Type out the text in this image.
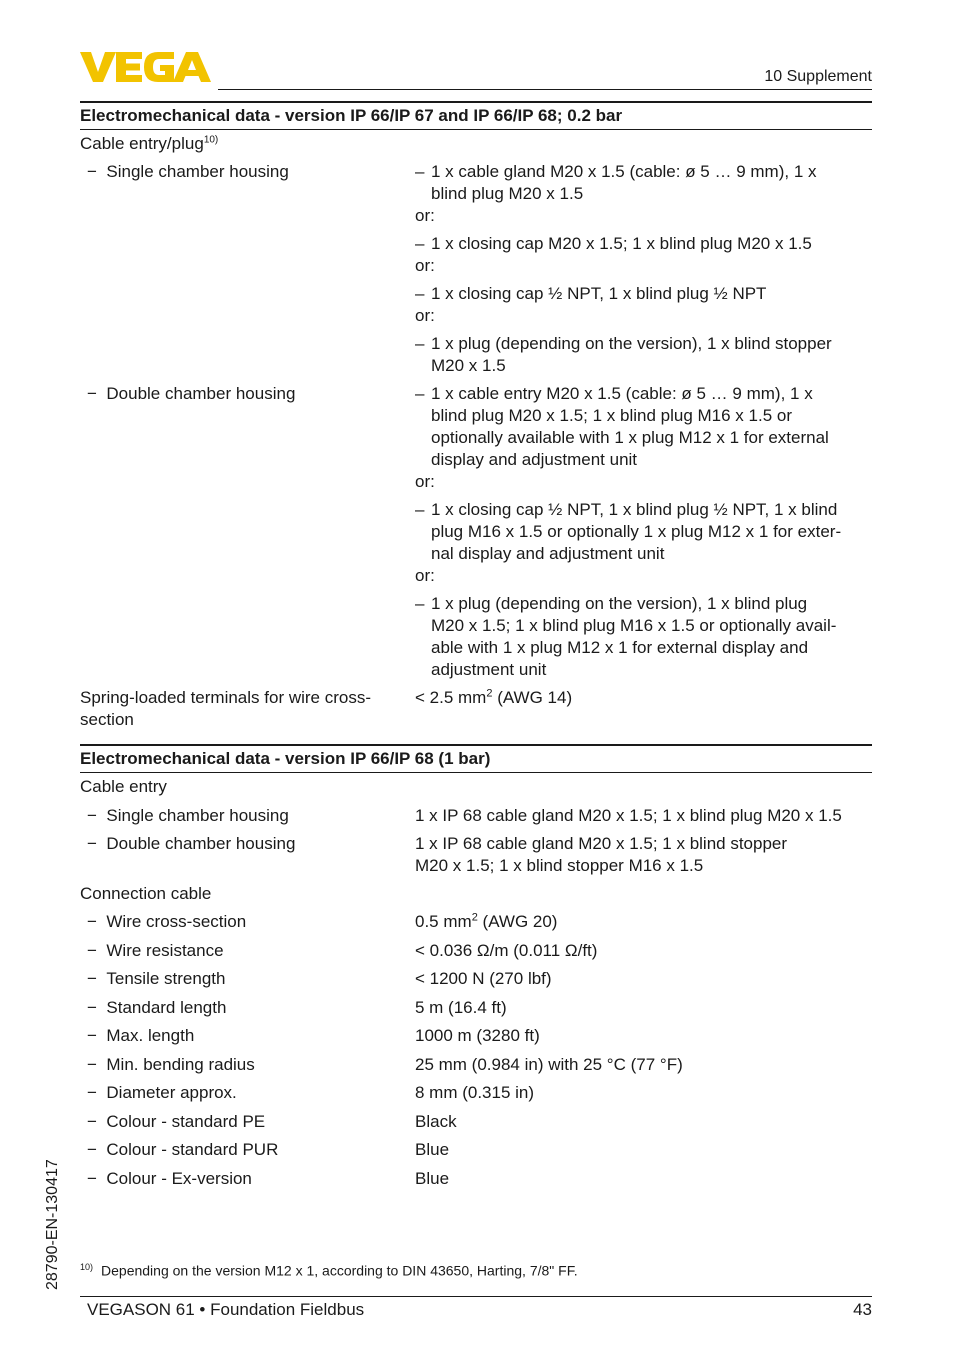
10 Supplement
Electromechanical data - version IP 66/IP 67 and IP 66/IP 68; 0.2 bar
Cable entry/plug$^{10)}$
− Single chamber housing	– 1 x cable gland M20 x 1.5 (cable: ø 5 … 9 mm), 1 x
blind plug M20 x 1.5
or:
– 1 x closing cap M20 x 1.5; 1 x blind plug M20 x 1.5
or:
– 1 x closing cap ½ NPT, 1 x blind plug ½ NPT
or:
– 1 x plug (depending on the version), 1 x blind stopper
M20 x 1.5
− Double chamber housing	– 1 x cable entry M20 x 1.5 (cable: ø 5 … 9 mm), 1 x
blind plug M20 x 1.5; 1 x blind plug M16 x 1.5 or
optionally available with 1 x plug M12 x 1 for external
display and adjustment unit
or:
– 1 x closing cap ½ NPT, 1 x blind plug ½ NPT, 1 x blind
plug M16 x 1.5 or optionally 1 x plug M12 x 1 for exter-
nal display and adjustment unit
or:
– 1 x plug (depending on the version), 1 x blind plug
M20 x 1.5; 1 x blind plug M16 x 1.5 or optionally avail-
able with 1 x plug M12 x 1 for external display and
adjustment unit
Spring-loaded terminals for wire cross-
section
< 2.5 $mm^2$ (AWG 14)
Electromechanical data - version IP 66/IP 68 (1 bar)
Cable entry
− Single chamber housing	1 x IP 68 cable gland M20 x 1.5; 1 x blind plug M20 x 1.5
− Double chamber housing	1 x IP 68 cable gland M20 x 1.5; 1 x blind stopper
M20 x 1.5; 1 x blind stopper M16 x 1.5
Connection cable
− Wire cross-section	0.5 $mm^2$ (AWG 20)
− Wire resistance	< 0.036 Ω/m (0.011 Ω/ft)
− Tensile strength	< 1200 N (270 lbf)
− Standard length	5 m (16.4 ft)
− Max. length	1000 m (3280 ft)
− Min. bending radius	25 mm (0.984 in) with 25 °C (77 °F)
− Diameter approx.	8 mm (0.315 in)
− Colour - standard PE	Black
− Colour - standard PUR	Blue
− Colour - Ex-version	Blue
28790-EN-130417	$^{10)}$ Depending on the version M12 x 1, according to DIN 43650, Harting, 7/8" FF.
VEGASON 61 • Foundation Fieldbus	43
